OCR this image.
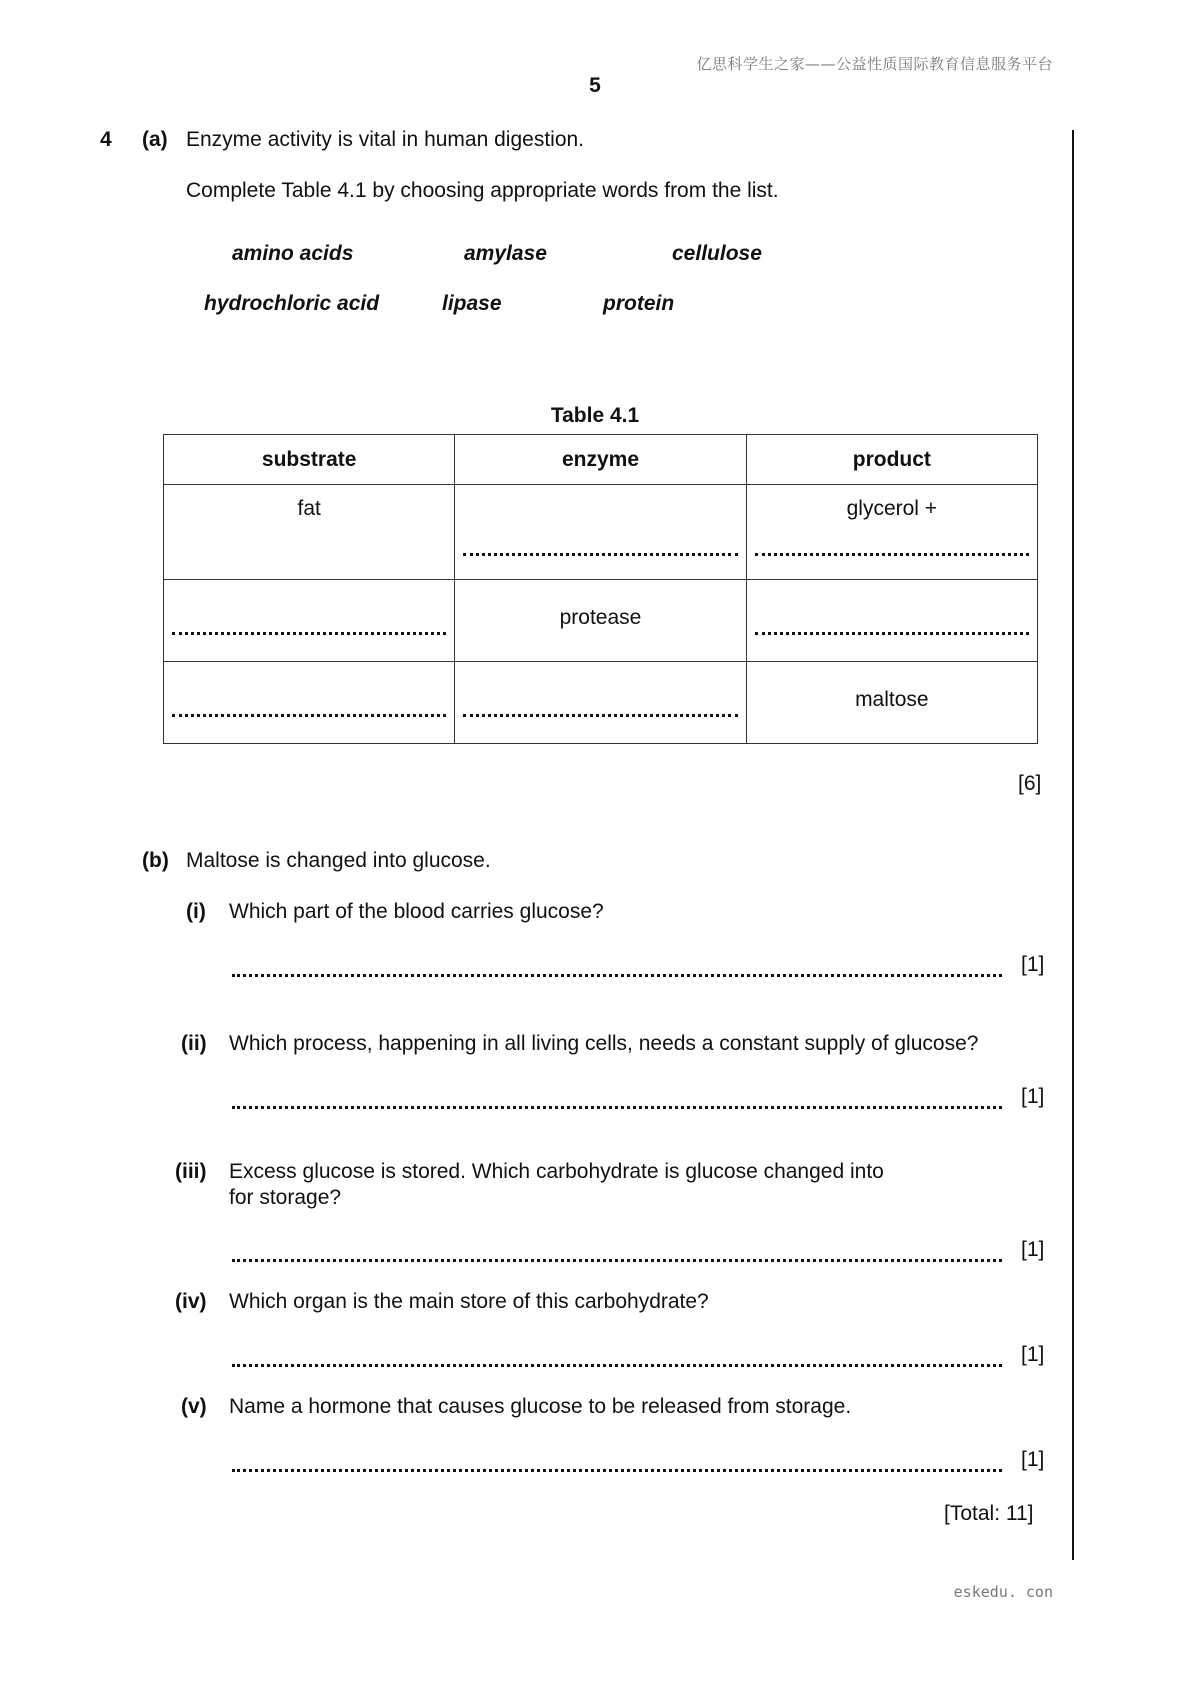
亿思科学生之家——公益性质国际教育信息服务平台
5
4 (a) Enzyme activity is vital in human digestion.
Complete Table 4.1 by choosing appropriate words from the list.
amino acids	amylase	cellulose
hydrochloric acid	lipase	protein
Table 4.1
substrate	enzyme	product

fat		glycerol +

	protease	

		maltose
[6]
(b) Maltose is changed into glucose.
(i) Which part of the blood carries glucose?
[1]
(ii) Which process, happening in all living cells, needs a constant supply of glucose?
[1]
(iii) Excess glucose is stored. Which carbohydrate is glucose changed into
for storage?
[1]
(iv) Which organ is the main store of this carbohydrate?
[1]
(v) Name a hormone that causes glucose to be released from storage.
[1]
[Total: 11]
eskedu. con
